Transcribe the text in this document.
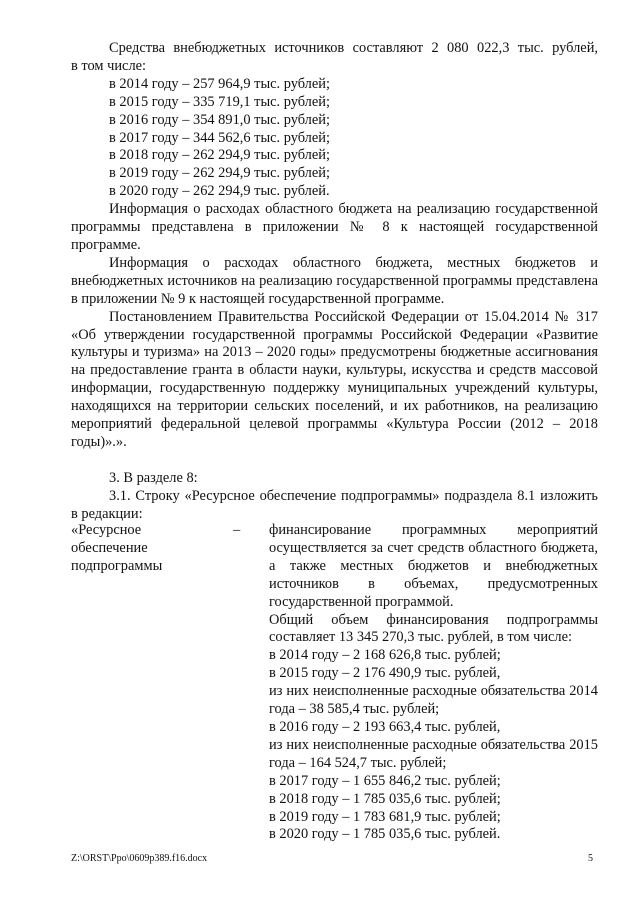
Средства внебюджетных источников составляют 2 080 022,3 тыс. рублей,

в том числе:

в 2014 году – 257 964,9 тыс. рублей;

в 2015 году – 335 719,1 тыс. рублей;

в 2016 году – 354 891,0 тыс. рублей;

в 2017 году – 344 562,6 тыс. рублей;

в 2018 году – 262 294,9 тыс. рублей;

в 2019 году – 262 294,9 тыс. рублей;

в 2020 году – 262 294,9 тыс. рублей.

Информация о расходах областного бюджета на реализацию государственной программы представлена в приложении № 8 к настоящей государственной программе.

Информация о расходах областного бюджета, местных бюджетов и внебюджетных источников на реализацию государственной программы представлена в приложении № 9 к настоящей государственной программе.

Постановлением Правительства Российской Федерации от 15.04.2014 № 317 «Об утверждении государственной программы Российской Федерации «Развитие культуры и туризма» на 2013 – 2020 годы» предусмотрены бюджетные ассигнования на предоставление гранта в области науки, культуры, искусства и средств массовой информации, государственную поддержку муниципальных учреждений культуры, находящихся на территории сельских поселений, и их работников, на реализацию мероприятий федеральной целевой программы «Культура России (2012 – 2018 годы)».».

3. В разделе 8:

3.1. Строку «Ресурсное обеспечение подпрограммы» подраздела 8.1 изложить в редакции:

«Ресурсное
обеспечение
подпрограммы
– финансирование программных мероприятий осуществляется за счет средств областного бюджета, а также местных бюджетов и внебюджетных источников в объемах, предусмотренных государственной программой.

Общий объем финансирования подпрограммы составляет 13 345 270,3 тыс. рублей, в том числе:

в 2014 году – 2 168 626,8 тыс. рублей;

в 2015 году – 2 176 490,9 тыс. рублей,

из них неисполненные расходные обязательства 2014 года – 38 585,4 тыс. рублей;

в 2016 году – 2 193 663,4 тыс. рублей,

из них неисполненные расходные обязательства 2015 года – 164 524,7 тыс. рублей;

в 2017 году – 1 655 846,2 тыс. рублей;

в 2018 году – 1 785 035,6 тыс. рублей;

в 2019 году – 1 783 681,9 тыс. рублей;

в 2020 году – 1 785 035,6 тыс. рублей.

Z:\ORST\Ppo\0609p389.f16.docx	5
